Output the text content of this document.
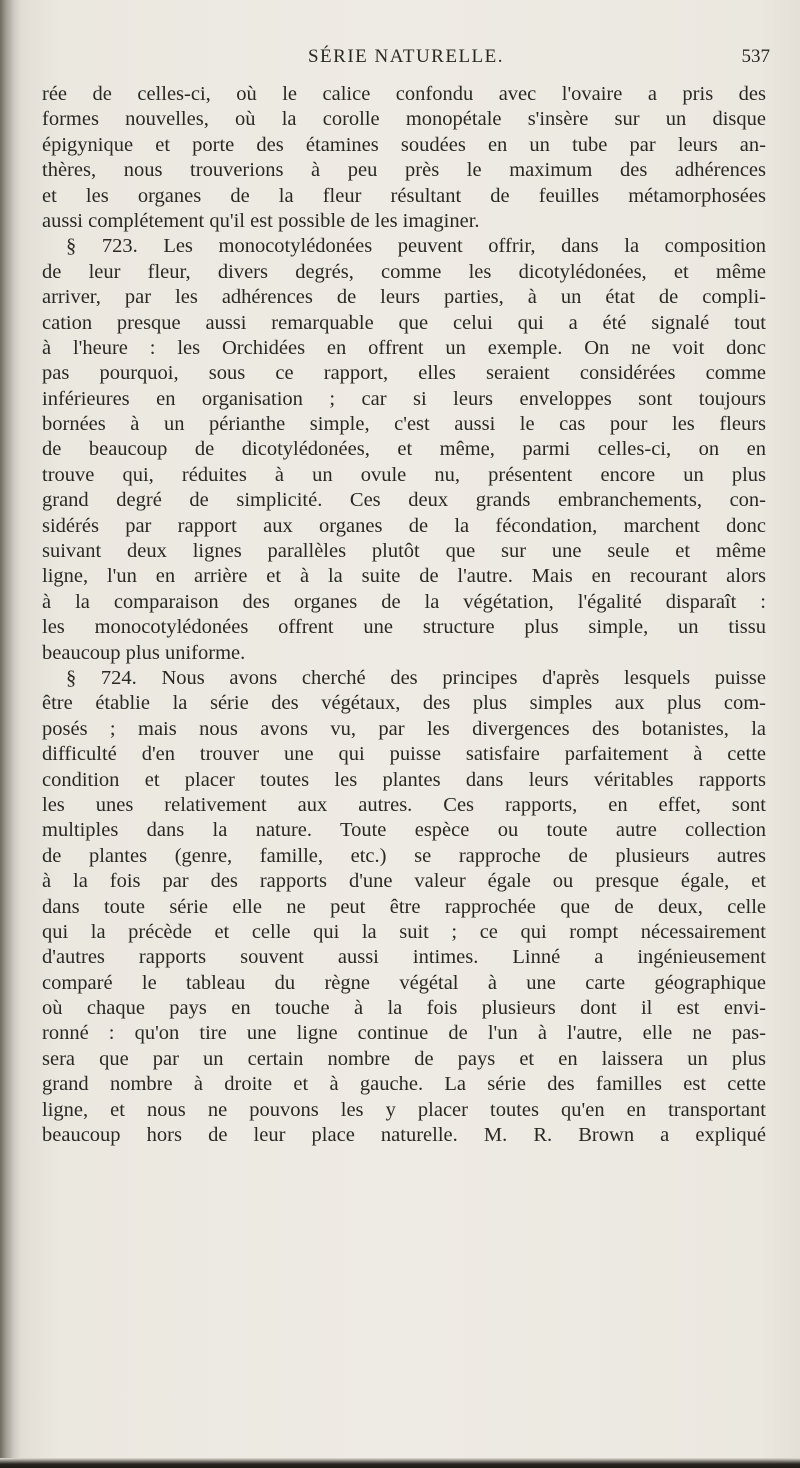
SÉRIE NATURELLE.	537
rée de celles-ci, où le calice confondu avec l'ovaire a pris des
formes nouvelles, où la corolle monopétale s'insère sur un disque
épigynique et porte des étamines soudées en un tube par leurs an-
thères, nous trouverions à peu près le maximum des adhérences
et les organes de la fleur résultant de feuilles métamorphosées
aussi complétement qu'il est possible de les imaginer.
§ 723. Les monocotylédonées peuvent offrir, dans la composition
de leur fleur, divers degrés, comme les dicotylédonées, et même
arriver, par les adhérences de leurs parties, à un état de compli-
cation presque aussi remarquable que celui qui a été signalé tout
à l'heure : les Orchidées en offrent un exemple. On ne voit donc
pas pourquoi, sous ce rapport, elles seraient considérées comme
inférieures en organisation ; car si leurs enveloppes sont toujours
bornées à un périanthe simple, c'est aussi le cas pour les fleurs
de beaucoup de dicotylédonées, et même, parmi celles-ci, on en
trouve qui, réduites à un ovule nu, présentent encore un plus
grand degré de simplicité. Ces deux grands embranchements, con-
sidérés par rapport aux organes de la fécondation, marchent donc
suivant deux lignes parallèles plutôt que sur une seule et même
ligne, l'un en arrière et à la suite de l'autre. Mais en recourant alors
à la comparaison des organes de la végétation, l'égalité disparaît :
les monocotylédonées offrent une structure plus simple, un tissu
beaucoup plus uniforme.
§ 724. Nous avons cherché des principes d'après lesquels puisse
être établie la série des végétaux, des plus simples aux plus com-
posés ; mais nous avons vu, par les divergences des botanistes, la
difficulté d'en trouver une qui puisse satisfaire parfaitement à cette
condition et placer toutes les plantes dans leurs véritables rapports
les unes relativement aux autres. Ces rapports, en effet, sont
multiples dans la nature. Toute espèce ou toute autre collection
de plantes (genre, famille, etc.) se rapproche de plusieurs autres
à la fois par des rapports d'une valeur égale ou presque égale, et
dans toute série elle ne peut être rapprochée que de deux, celle
qui la précède et celle qui la suit ; ce qui rompt nécessairement
d'autres rapports souvent aussi intimes. Linné a ingénieusement
comparé le tableau du règne végétal à une carte géographique
où chaque pays en touche à la fois plusieurs dont il est envi-
ronné : qu'on tire une ligne continue de l'un à l'autre, elle ne pas-
sera que par un certain nombre de pays et en laissera un plus
grand nombre à droite et à gauche. La série des familles est cette
ligne, et nous ne pouvons les y placer toutes qu'en en transportant
beaucoup hors de leur place naturelle. M. R. Brown a expliqué
